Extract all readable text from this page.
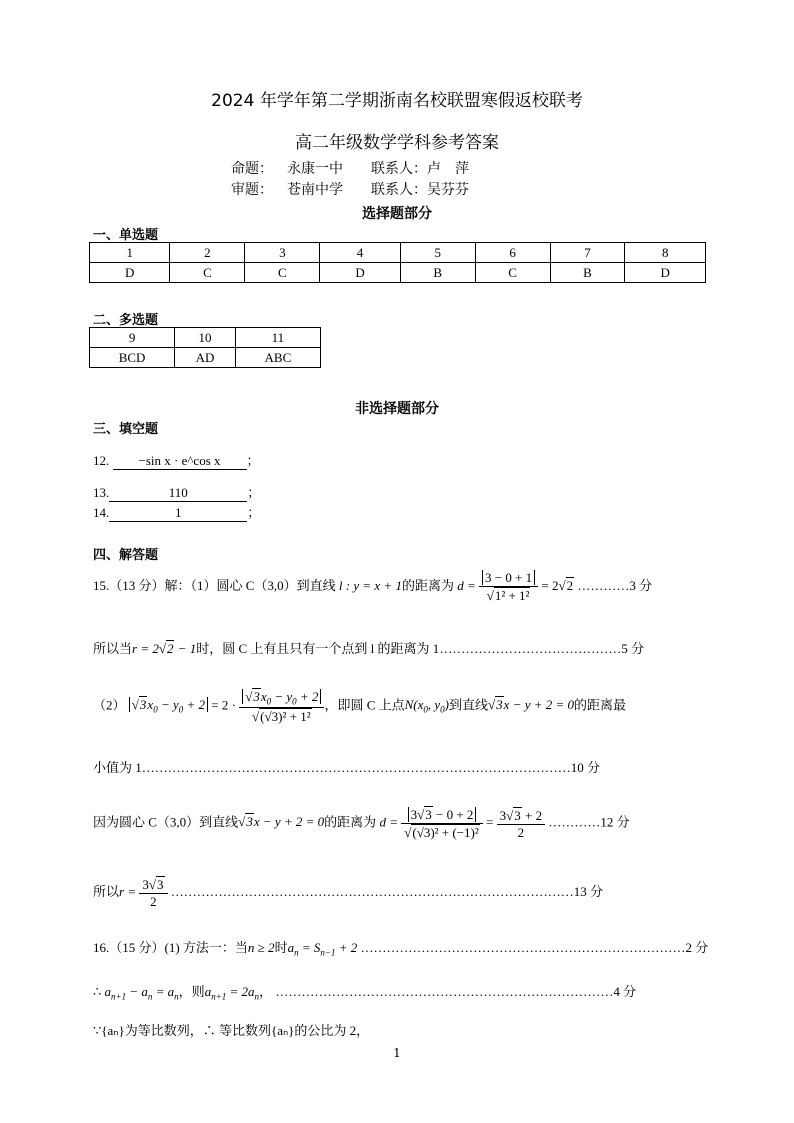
2024 年学年第二学期浙南名校联盟寒假返校联考
高二年级数学学科参考答案
命题： 永康一中 联系人：卢　萍
审题： 苍南中学 联系人：吴芬芬
选择题部分
一、单选题
1	2	3	4	5	6	7	8
D	C	C	D	B	C	B	D
二、多选题
9	10	11
BCD	AD	ABC
非选择题部分
三、填空题
12. −sin x · e^cos x ；
13.	110	；
14.	1	；
四、解答题
15.（13 分）解：（1）圆心 C（3,0）到直线 l : y = x + 1的距离为 $d = \frac{3 - 0 + 1}{\text{√1² + 1²}} = 2√2$ …………3 分
所以当r = 2√2 − 1时，圆 C 上有且只有一个点到 l 的距离为 1……………………………………5 分
（2） $√3x_0 - y_0 + 2 = 2 \cdot \frac{√3x_0 - y_0 + 2}{\text{√(√3)² + 1²}}$ ，即圆 C 上点$N(x_0$, $y_0$)到直线√3x − y + 2 = 0的距离最
小值为 1………………………………………………………………………………………10 分
因为圆心 C（3,0）到直线√3x − y + 2 = 0的距离为 $d = \frac{3√3 - 0 + 2}{\text{√(√3)² + (−1)²}} = \frac{3√3 + 2}{2}$ …………12 分
所以$r = \frac{3√3}{2}$ …………………………………………………………………………………13 分
16.（15 分）(1) 方法一：当n ≥ 2时$a_n = S_{n-1} + 2$ …………………………………………………………………2 分
∴ $a_{n+1} - a_n = a_n$，则$a_{n+1} = 2a_n$， ……………………………………………………………………4 分
∵{aₙ}为等比数列，∴ 等比数列{aₙ}的公比为 2，
1
